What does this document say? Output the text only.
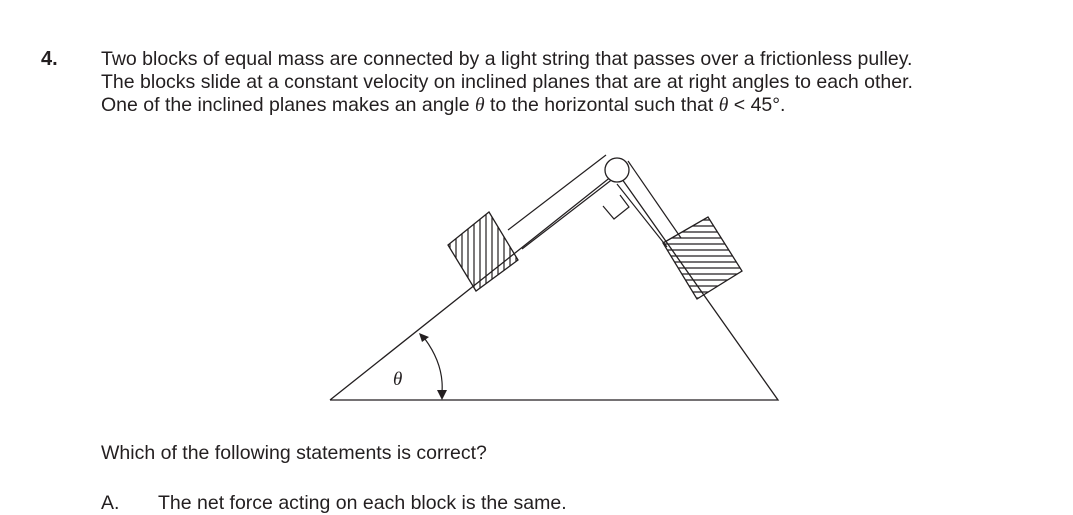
4. Two blocks of equal mass are connected by a light string that passes over a frictionless pulley.
The blocks slide at a constant velocity on inclined planes that are at right angles to each other.
One of the inclined planes makes an angle θ to the horizontal such that θ < 45°.
θ
Which of the following statements is correct?
A. The net force acting on each block is the same.
